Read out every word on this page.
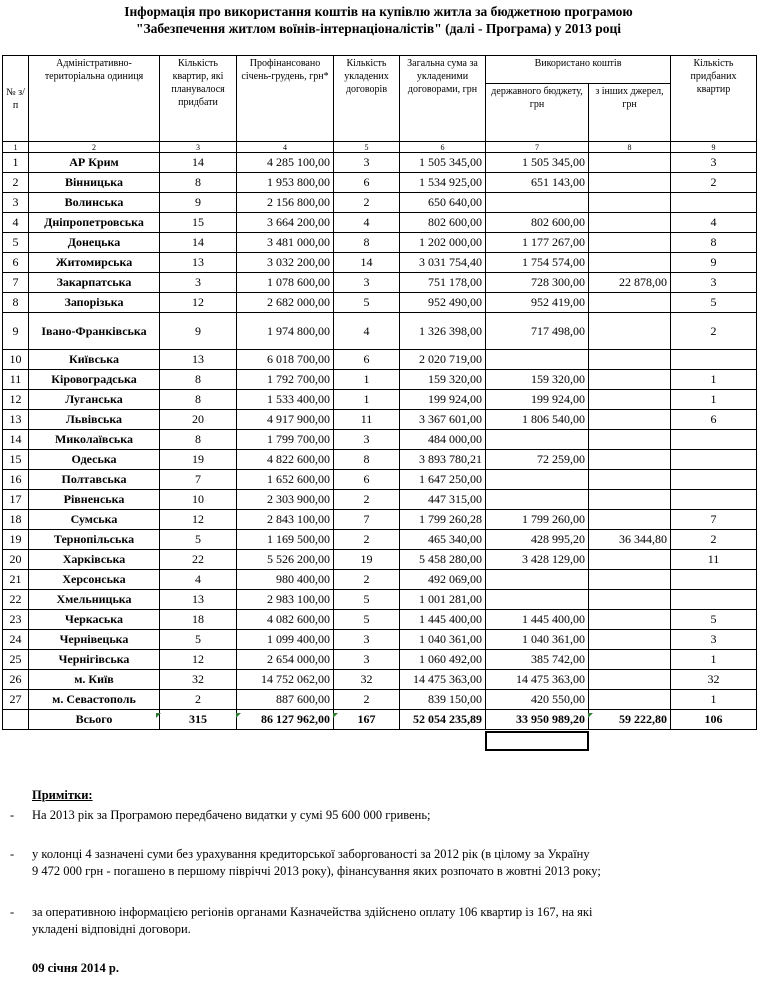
Інформація про використання коштів на купівлю житла за бюджетною програмою
"Забезпечення житлом воїнів-інтернаціоналістів" (далі - Програма) у 2013 році
№ з/п	Адміністративно-територіальна одиниця	Кількість квартир, які планувалося придбати	Профінансовано січень-грудень, грн*	Кількість укладених договорів	Загальна сума за укладеними договорами, грн	Використано коштів		Кількість придбаних квартир
						державного бюджету, грн	з інших джерел, грн	
1	2	3	4	5	6	7	8	9
1	АР Крим	14	4 285 100,00	3	1 505 345,00	1 505 345,00		3
2	Вінницька	8	1 953 800,00	6	1 534 925,00	651 143,00		2
3	Волинська	9	2 156 800,00	2	650 640,00			
4	Дніпропетровська	15	3 664 200,00	4	802 600,00	802 600,00		4
5	Донецька	14	3 481 000,00	8	1 202 000,00	1 177 267,00		8
6	Житомирська	13	3 032 200,00	14	3 031 754,40	1 754 574,00		9
7	Закарпатська	3	1 078 600,00	3	751 178,00	728 300,00	22 878,00	3
8	Запорізька	12	2 682 000,00	5	952 490,00	952 419,00		5
9	Івано-Франківська	9	1 974 800,00	4	1 326 398,00	717 498,00		2
10	Київська	13	6 018 700,00	6	2 020 719,00			
11	Кіровоградська	8	1 792 700,00	1	159 320,00	159 320,00		1
12	Луганська	8	1 533 400,00	1	199 924,00	199 924,00		1
13	Львівська	20	4 917 900,00	11	3 367 601,00	1 806 540,00		6
14	Миколаївська	8	1 799 700,00	3	484 000,00			
15	Одеська	19	4 822 600,00	8	3 893 780,21	72 259,00		
16	Полтавська	7	1 652 600,00	6	1 647 250,00			
17	Рівненська	10	2 303 900,00	2	447 315,00			
18	Сумська	12	2 843 100,00	7	1 799 260,28	1 799 260,00		7
19	Тернопільська	5	1 169 500,00	2	465 340,00	428 995,20	36 344,80	2
20	Харківська	22	5 526 200,00	19	5 458 280,00	3 428 129,00		11
21	Херсонська	4	980 400,00	2	492 069,00			
22	Хмельницька	13	2 983 100,00	5	1 001 281,00			
23	Черкаська	18	4 082 600,00	5	1 445 400,00	1 445 400,00		5
24	Чернівецька	5	1 099 400,00	3	1 040 361,00	1 040 361,00		3
25	Чернігівська	12	2 654 000,00	3	1 060 492,00	385 742,00		1
26	м. Київ	32	14 752 062,00	32	14 475 363,00	14 475 363,00		32
27	м. Севастополь	2	887 600,00	2	839 150,00	420 550,00		1
	Всього	315	86 127 962,00	167	52 054 235,89	33 950 989,20	59 222,80	106
Примітки:
- На 2013 рік за Програмою передбачено видатки у сумі 95 600 000 гривень;
- у колонці 4 зазначені суми без урахування кредиторської заборгованості за 2012 рік (в цілому за Україну
9 472 000 грн - погашено в першому півріччі 2013 року), фінансування яких розпочато в жовтні 2013 року;
- за оперативною інформацією регіонів органами Казначейства здійснено оплату 106 квартир із 167, на які
укладені відповідні договори.
09 січня 2014 р.
